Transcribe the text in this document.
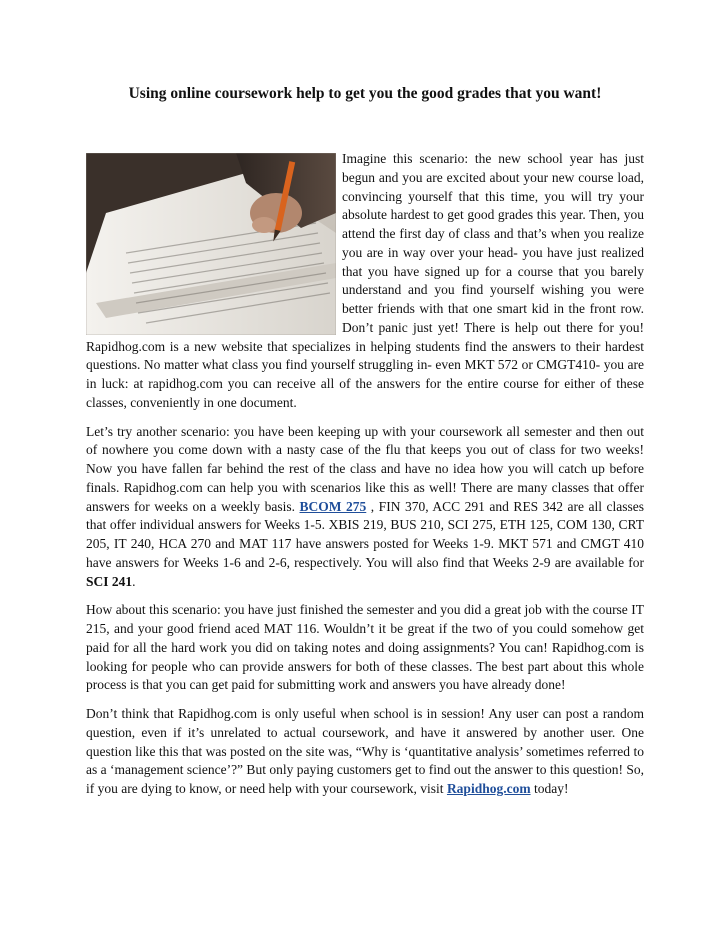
Using online coursework help to get you the good grades that you want!

Imagine this scenario: the new school year has just begun and you are excited about your new course load, convincing yourself that this time, you will try your absolute hardest to get good grades this year. Then, you attend the first day of class and that’s when you realize you are in way over your head- you have just realized that you have signed up for a course that you barely understand and you find yourself wishing you were better friends with that one smart kid in the front row. Don’t panic just yet! There is help out there for you! Rapidhog.com is a new website that specializes in helping students find the answers to their hardest questions. No matter what class you find yourself struggling in- even MKT 572 or CMGT410- you are in luck: at rapidhog.com you can receive all of the answers for the entire course for either of these classes, conveniently in one document.

Let’s try another scenario: you have been keeping up with your coursework all semester and then out of nowhere you come down with a nasty case of the flu that keeps you out of class for two weeks! Now you have fallen far behind the rest of the class and have no idea how you will catch up before finals. Rapidhog.com can help you with scenarios like this as well! There are many classes that offer answers for weeks on a weekly basis. BCOM 275 , FIN 370, ACC 291 and RES 342 are all classes that offer individual answers for Weeks 1-5. XBIS 219, BUS 210, SCI 275, ETH 125, COM 130, CRT 205, IT 240, HCA 270 and MAT 117 have answers posted for Weeks 1-9. MKT 571 and CMGT 410 have answers for Weeks 1-6 and 2-6, respectively. You will also find that Weeks 2-9 are available for SCI 241.

How about this scenario: you have just finished the semester and you did a great job with the course IT 215, and your good friend aced MAT 116. Wouldn’t it be great if the two of you could somehow get paid for all the hard work you did on taking notes and doing assignments? You can! Rapidhog.com is looking for people who can provide answers for both of these classes. The best part about this whole process is that you can get paid for submitting work and answers you have already done!

Don’t think that Rapidhog.com is only useful when school is in session! Any user can post a random question, even if it’s unrelated to actual coursework, and have it answered by another user. One question like this that was posted on the site was, “Why is ‘quantitative analysis’ sometimes referred to as a ‘management science’?” But only paying customers get to find out the answer to this question! So, if you are dying to know, or need help with your coursework, visit Rapidhog.com today!
